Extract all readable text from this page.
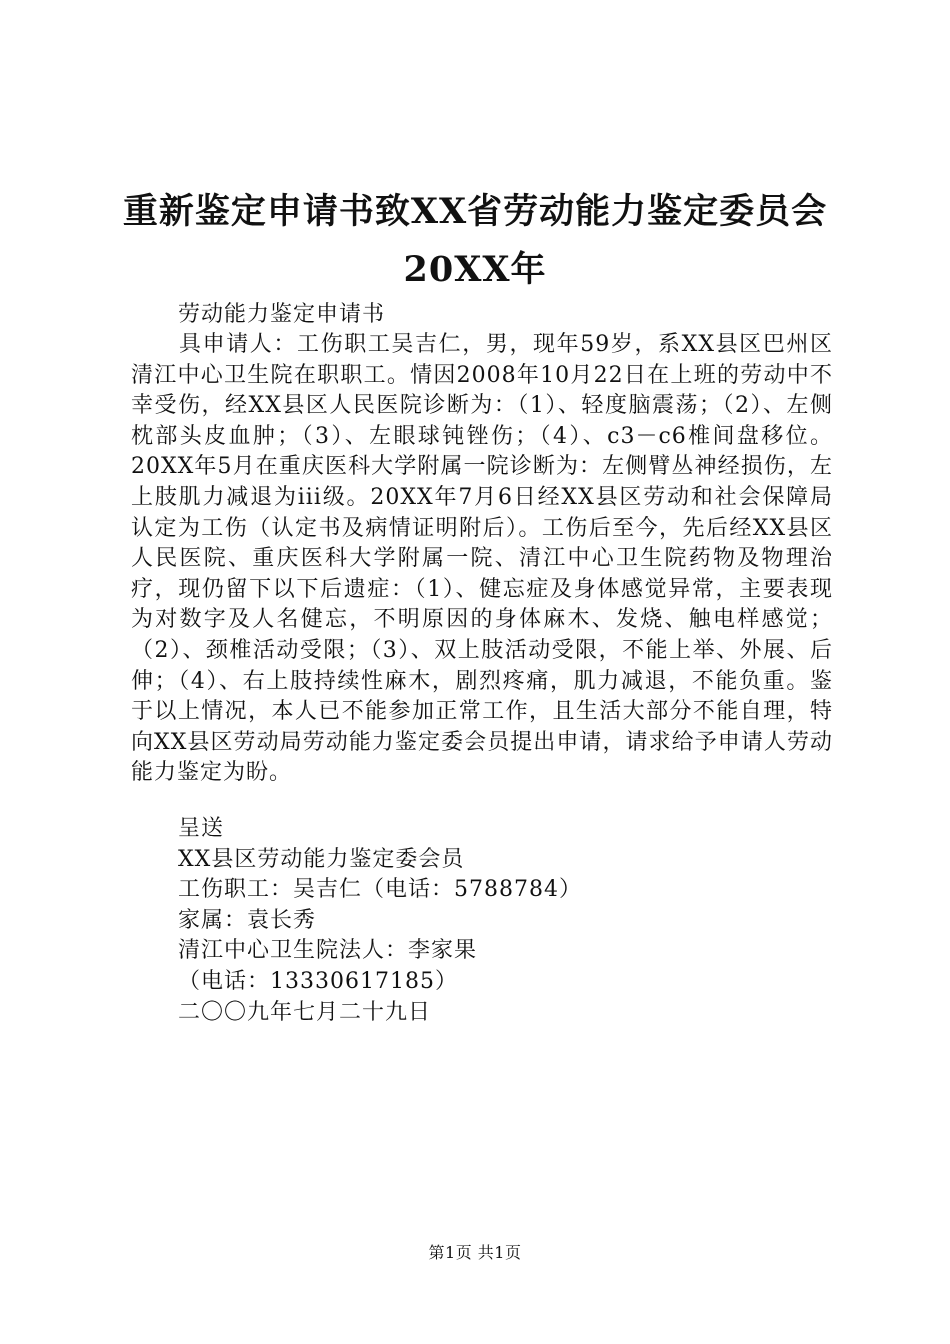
重新鉴定申请书致XX省劳动能力鉴定委员会
20XX年
劳动能力鉴定申请书
具申请人：工伤职工吴吉仁，男，现年59岁，系XX县区巴州区清江中心卫生院在职职工。情因2008年10月22日在上班的劳动中不幸受伤，经XX县区人民医院诊断为：（1）、轻度脑震荡；（2）、左侧枕部头皮血肿；（3）、左眼球钝锉伤；（4）、c3－c6椎间盘移位。20XX年5月在重庆医科大学附属一院诊断为：左侧臂丛神经损伤，左上肢肌力减退为iii级。20XX年7月6日经XX县区劳动和社会保障局认定为工伤（认定书及病情证明附后）。工伤后至今，先后经XX县区人民医院、重庆医科大学附属一院、清江中心卫生院药物及物理治疗，现仍留下以下后遗症：（1）、健忘症及身体感觉异常，主要表现为对数字及人名健忘，不明原因的身体麻木、发烧、触电样感觉；（2）、颈椎活动受限；（3）、双上肢活动受限，不能上举、外展、后伸；（4）、右上肢持续性麻木，剧烈疼痛，肌力减退，不能负重。鉴于以上情况，本人已不能参加正常工作，且生活大部分不能自理，特向XX县区劳动局劳动能力鉴定委会员提出申请，请求给予申请人劳动能力鉴定为盼。
呈送
XX县区劳动能力鉴定委会员
工伤职工：吴吉仁（电话：5788784）
家属：袁长秀
清江中心卫生院法人：李家果
（电话：13330617185）
二〇〇九年七月二十九日
第1页 共1页
